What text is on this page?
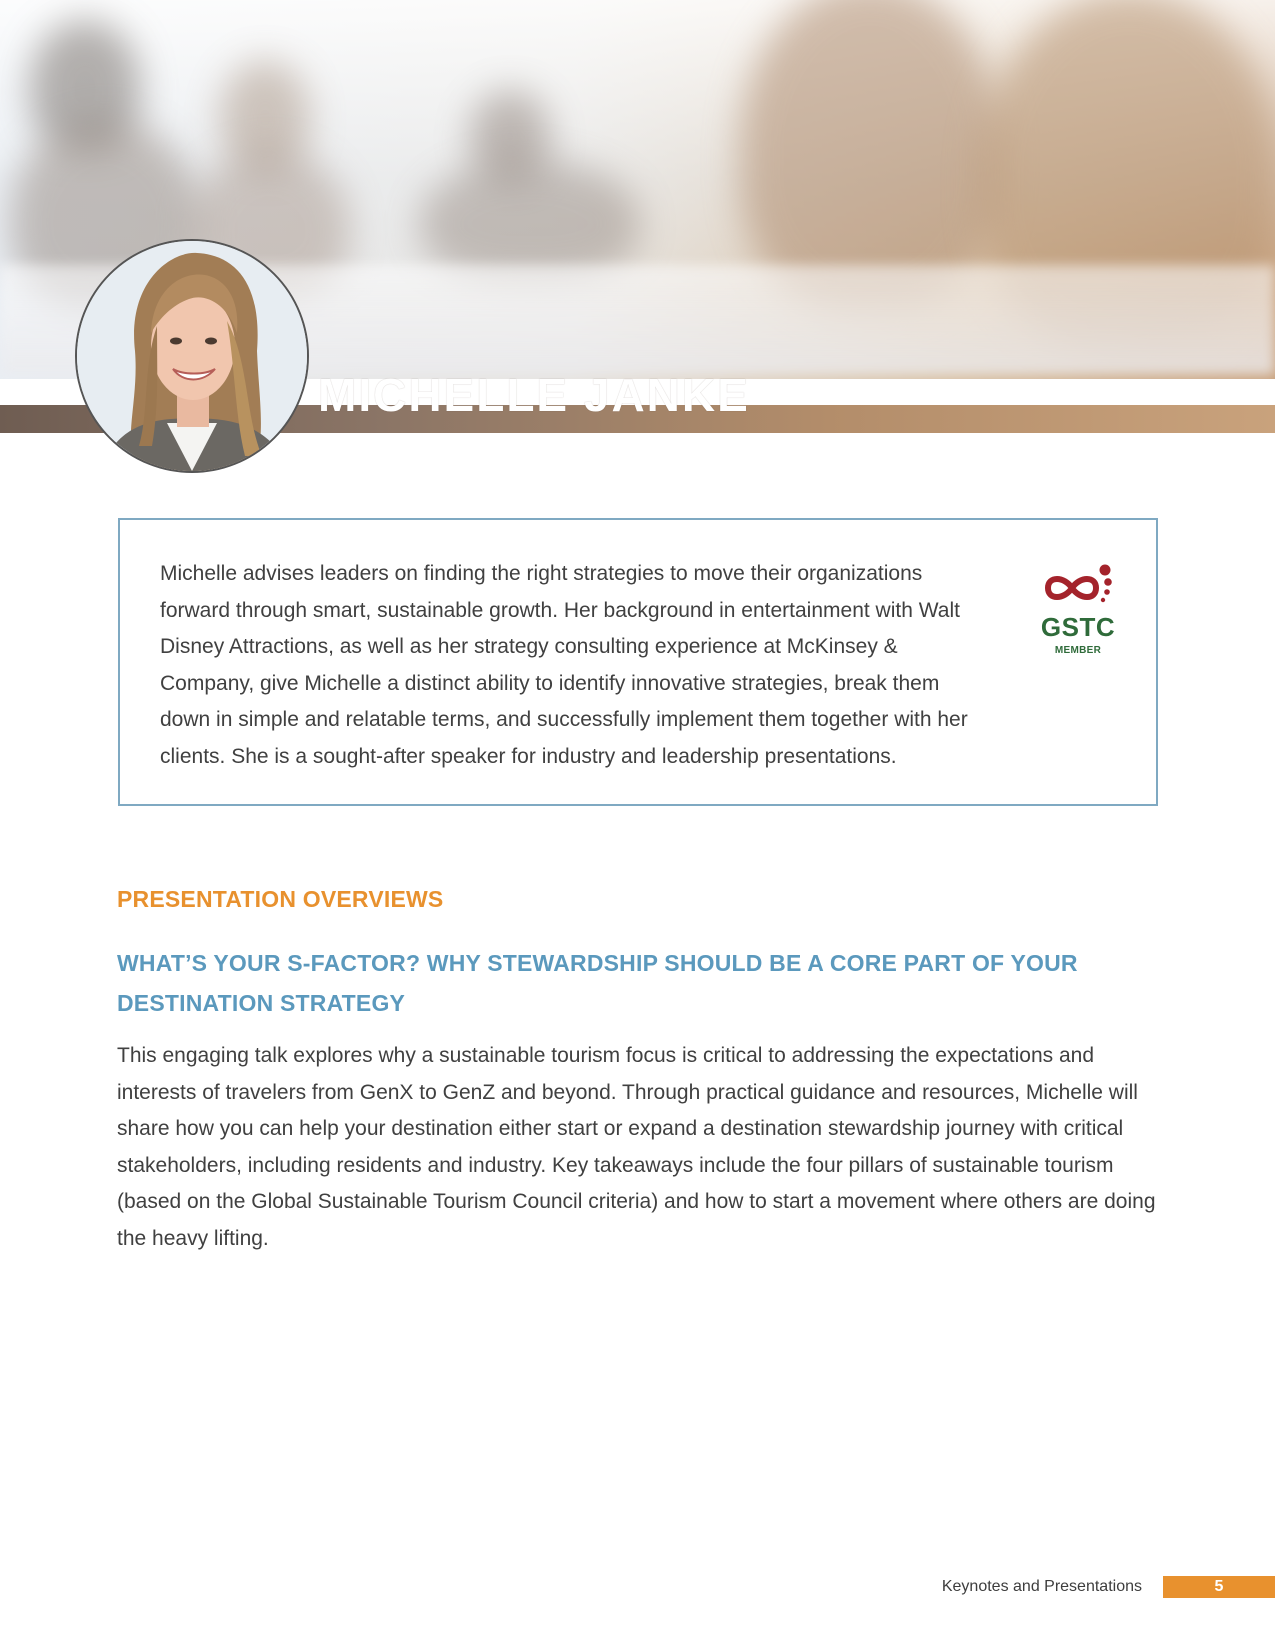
MICHELLE JANKE

Michelle advises leaders on finding the right strategies to move their organizations forward through smart, sustainable growth. Her background in entertainment with Walt Disney Attractions, as well as her strategy consulting experience at McKinsey & Company, give Michelle a distinct ability to identify innovative strategies, break them down in simple and relatable terms, and successfully implement them together with her clients. She is a sought-after speaker for industry and leadership presentations.

GSTC
MEMBER
PRESENTATION OVERVIEWS
WHAT’S YOUR S-FACTOR? WHY STEWARDSHIP SHOULD BE A CORE PART OF YOUR DESTINATION STRATEGY

This engaging talk explores why a sustainable tourism focus is critical to addressing the expectations and interests of travelers from GenX to GenZ and beyond. Through practical guidance and resources, Michelle will share how you can help your destination either start or expand a destination stewardship journey with critical stakeholders, including residents and industry. Key takeaways include the four pillars of sustainable tourism (based on the Global Sustainable Tourism Council criteria) and how to start a movement where others are doing the heavy lifting.

Keynotes and Presentations	5
